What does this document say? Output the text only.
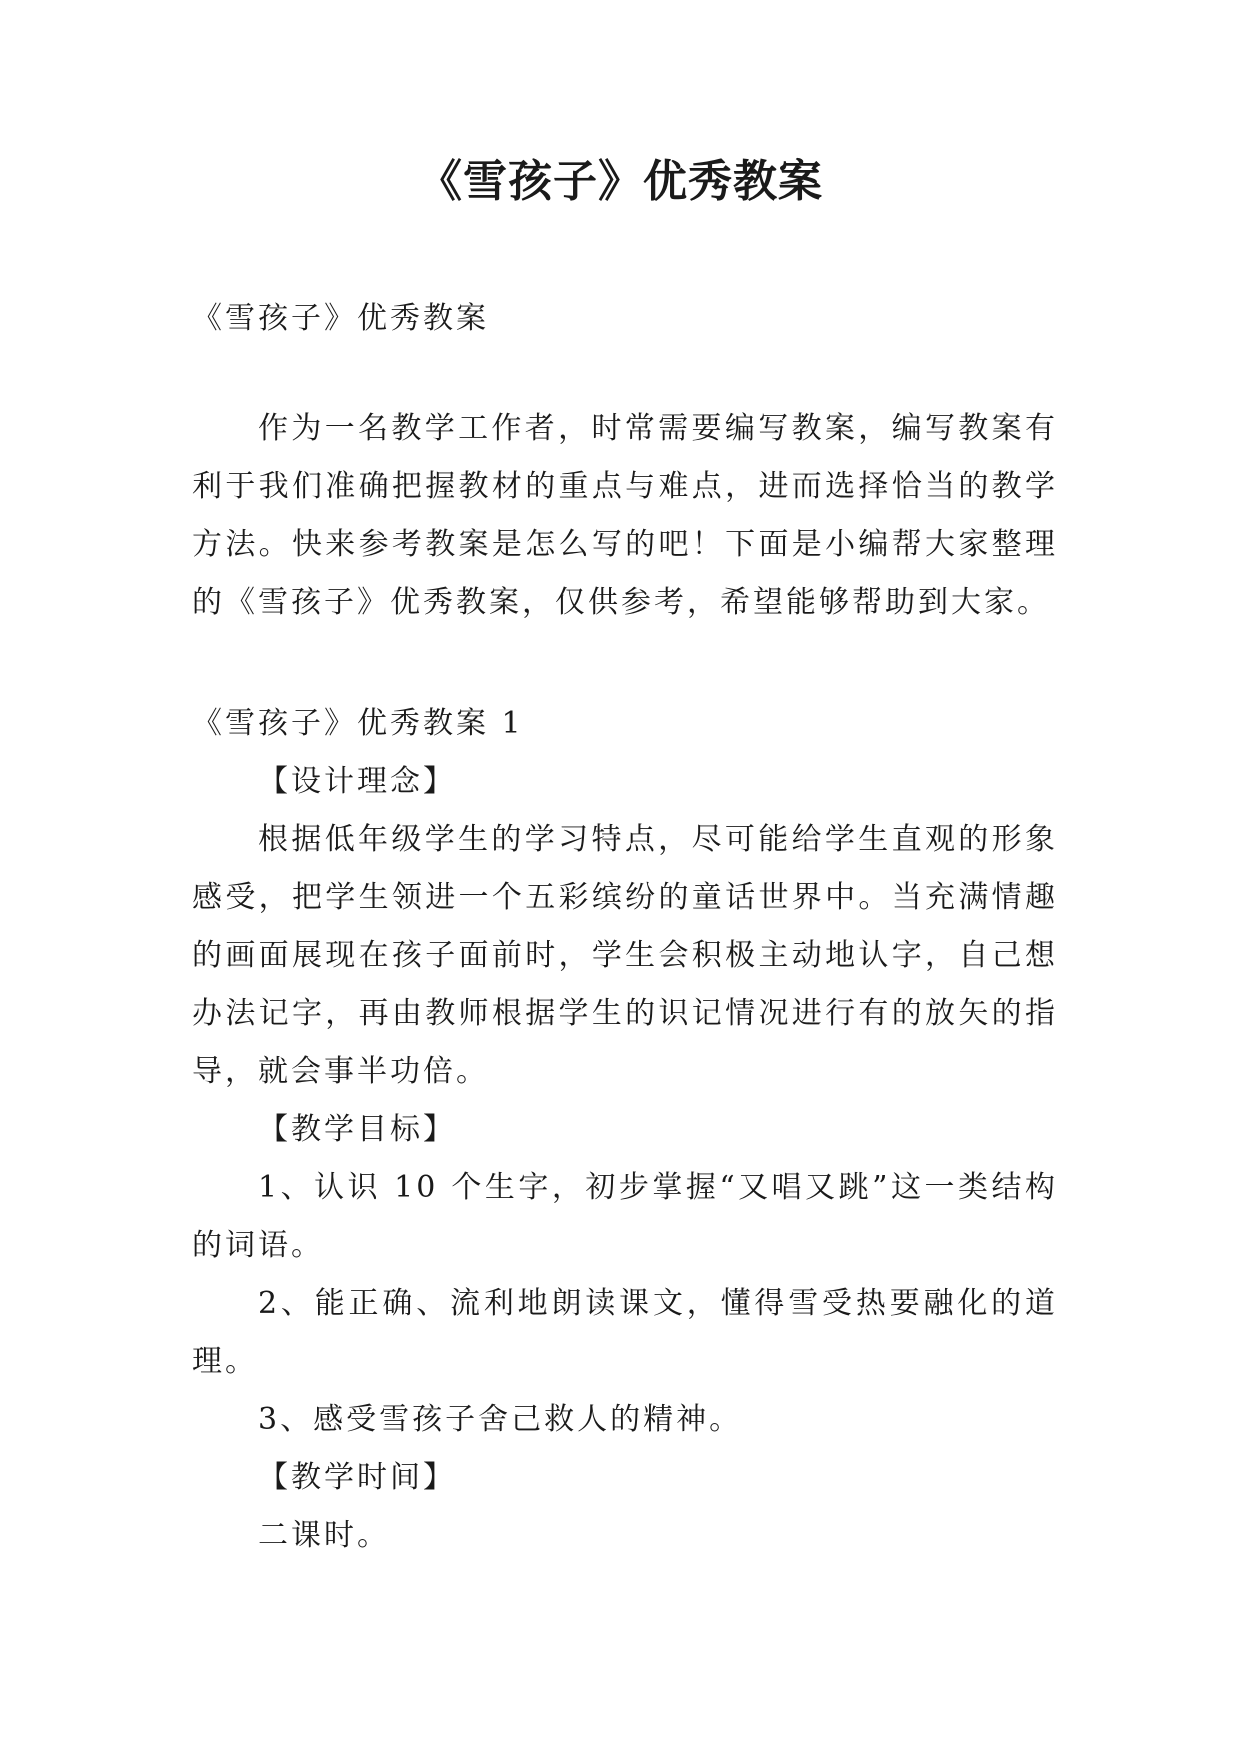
《雪孩子》优秀教案

《雪孩子》优秀教案

作为一名教学工作者，时常需要编写教案，编写教案有利于我们准确把握教材的重点与难点，进而选择恰当的教学方法。快来参考教案是怎么写的吧！下面是小编帮大家整理的《雪孩子》优秀教案，仅供参考，希望能够帮助到大家。

《雪孩子》优秀教案 1

【设计理念】

根据低年级学生的学习特点，尽可能给学生直观的形象感受，把学生领进一个五彩缤纷的童话世界中。当充满情趣的画面展现在孩子面前时，学生会积极主动地认字，自己想办法记字，再由教师根据学生的识记情况进行有的放矢的指导，就会事半功倍。

【教学目标】

1、认识 10 个生字，初步掌握“又唱又跳”这一类结构的词语。

2、能正确、流利地朗读课文，懂得雪受热要融化的道理。

3、感受雪孩子舍己救人的精神。

【教学时间】

二课时。
